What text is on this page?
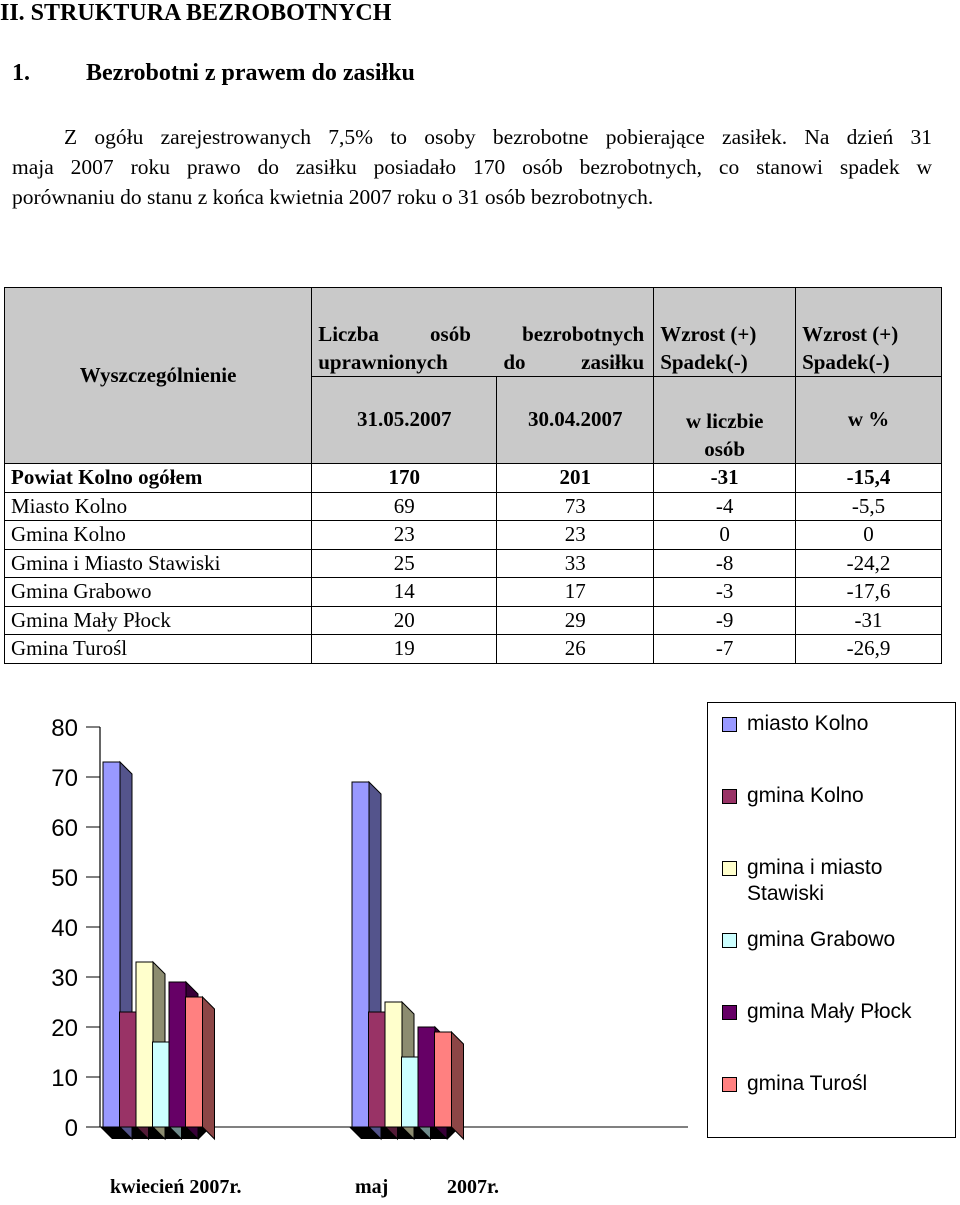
II. STRUKTURA BEZROBOTNYCH
1. Bezrobotni z prawem do zasiłku

Z ogółu zarejestrowanych 7,5% to osoby bezrobotne pobierające zasiłek. Na dzień 31

maja 2007 roku prawo do zasiłku posiadało 170 osób bezrobotnych, co stanowi spadek w

porównaniu do stanu z końca kwietnia 2007 roku o 31 osób bezrobotnych.

Wyszczególnienie	Liczba osób bezrobotnych uprawnionych do zasiłku		Wzrost (+) Spadek(-)	Wzrost (+) Spadek(-)

	31.05.2007	30.04.2007	w liczbie osób	w %
Powiat Kolno ogółem	170	201	-31	-15,4
Miasto Kolno	69	73	-4	-5,5
Gmina Kolno	23	23	0	0
Gmina i Miasto Stawiski	25	33	-8	-24,2
Gmina Grabowo	14	17	-3	-17,6
Gmina Mały Płock	20	29	-9	-31
Gmina Turośl	19	26	-7	-26,9
0
10
20
30
40
50
60
70
80
kwiecień 2007r.	maj	2007r.
miasto Kolno
gmina Kolno
gmina i miasto Stawiski
gmina Grabowo
gmina Mały Płock
gmina Turośl
